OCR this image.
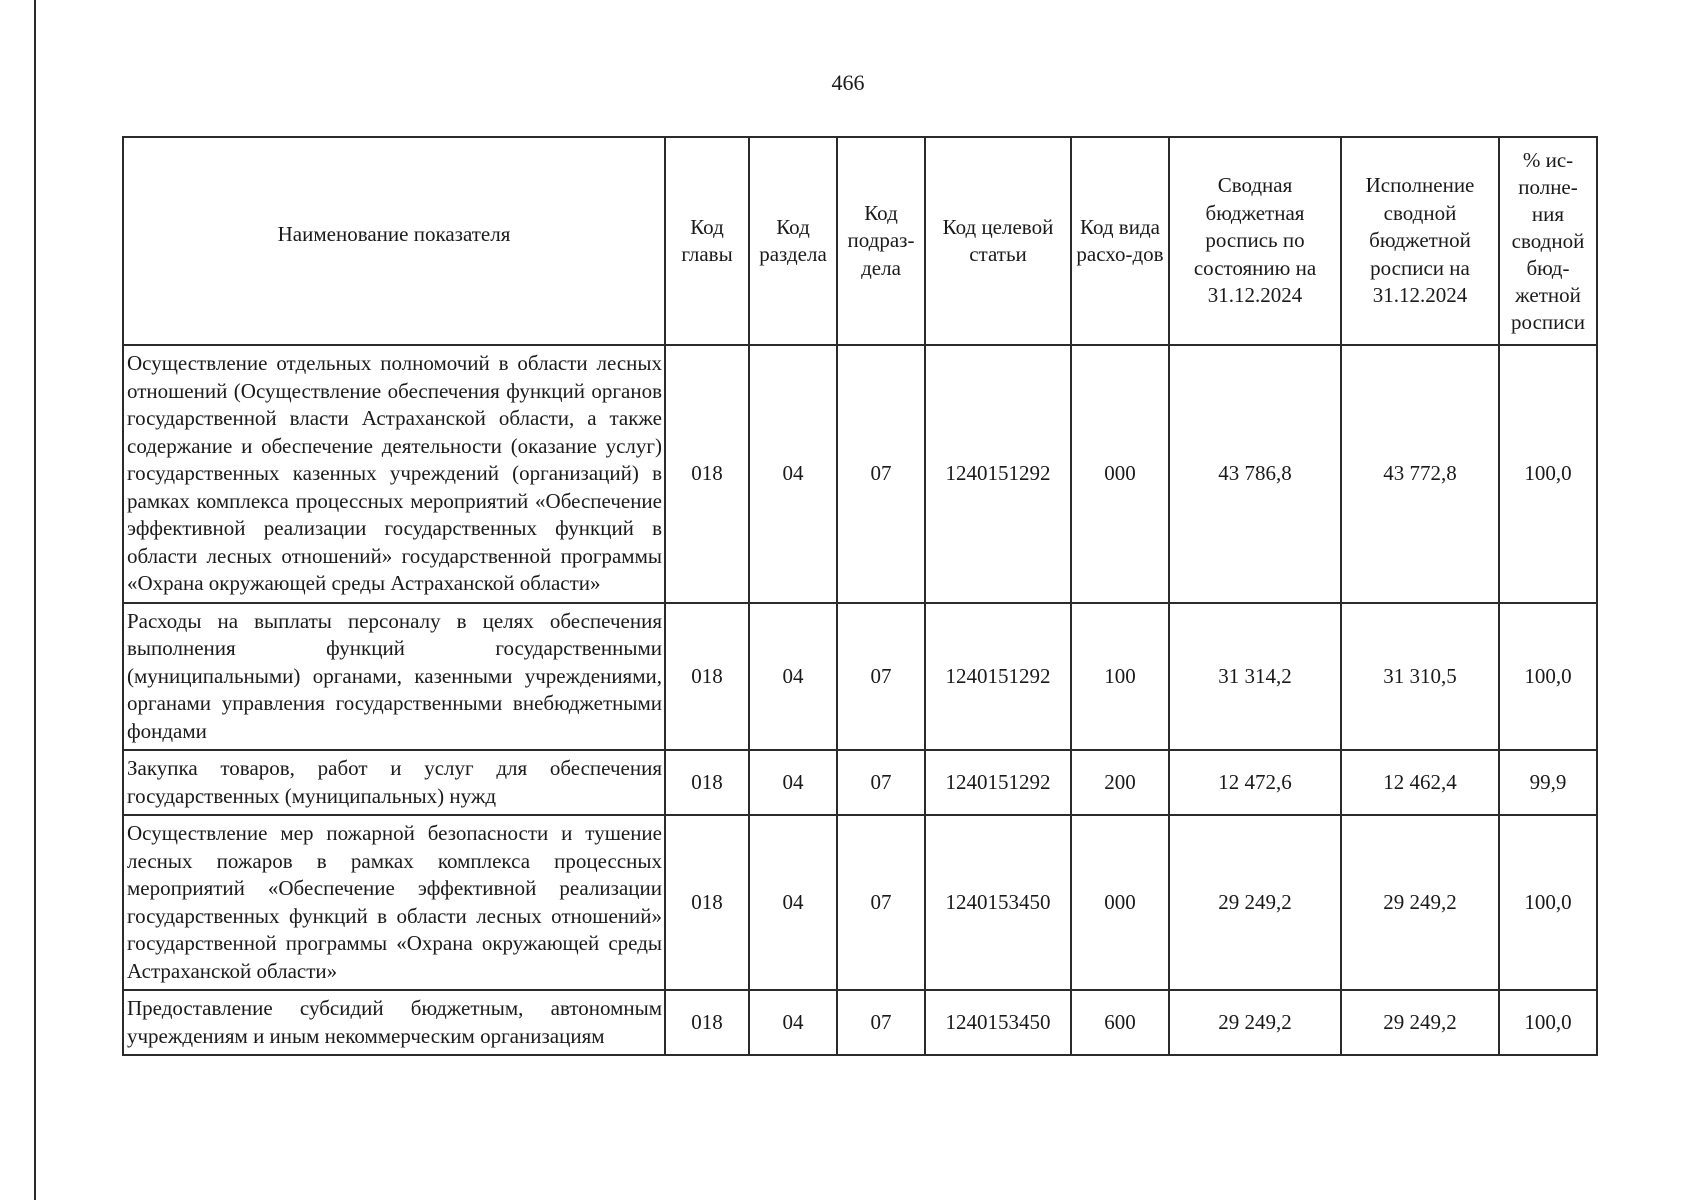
466
Наименование показателя	Код главы	Код раздела	Код подраз-дела	Код целевой статьи	Код вида расхо-дов	Сводная бюджетная роспись по состоянию на 31.12.2024	Исполнение сводной бюджетной росписи на 31.12.2024	% ис-полне-ния сводной бюд-жетной росписи
Осуществление отдельных полномочий в области лесных отношений (Осуществление обеспечения функций органов государственной власти Астраханской области, а также содержание и обеспечение деятельности (оказание услуг) государственных казенных учреждений (организаций) в рамках комплекса процессных мероприятий «Обеспечение эффективной реализации государственных функций в области лесных отношений» государственной программы «Охрана окружающей среды Астраханской области»	018	04	07	1240151292	000	43 786,8	43 772,8	100,0
Расходы на выплаты персоналу в целях обеспечения выполнения функций государственными (муниципальными) органами, казенными учреждениями, органами управления государственными внебюджетными фондами	018	04	07	1240151292	100	31 314,2	31 310,5	100,0
Закупка товаров, работ и услуг для обеспечения государственных (муниципальных) нужд	018	04	07	1240151292	200	12 472,6	12 462,4	99,9
Осуществление мер пожарной безопасности и тушение лесных пожаров в рамках комплекса процессных мероприятий «Обеспечение эффективной реализации государственных функций в области лесных отношений» государственной программы «Охрана окружающей среды Астраханской области»	018	04	07	1240153450	000	29 249,2	29 249,2	100,0
Предоставление субсидий бюджетным, автономным учреждениям и иным некоммерческим организациям	018	04	07	1240153450	600	29 249,2	29 249,2	100,0
